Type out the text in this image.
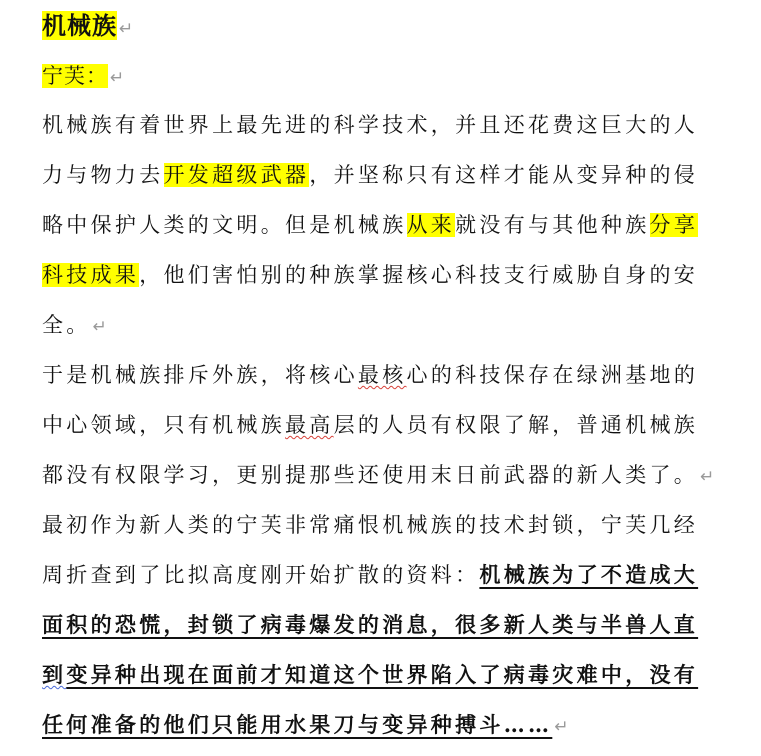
机械族 ↵
宁芙： ↵
机械族有着世界上最先进的科学技术，并且还花费这巨大的人
力与物力去开发超级武器，并坚称只有这样才能从变异种的侵
略中保护人类的文明。但是机械族从来就没有与其他种族分享
科技成果，他们害怕别的种族掌握核心科技支行威胁自身的安
全。 ↵
于是机械族排斥外族，将核心最核心的科技保存在绿洲基地的
中心领域，只有机械族最高层的人员有权限了解，普通机械族
都没有权限学习，更别提那些还使用末日前武器的新人类了。 ↵
最初作为新人类的宁芙非常痛恨机械族的技术封锁，宁芙几经
周折查到了比拟高度刚开始扩散的资料：机械族为了不造成大
面积的恐慌，封锁了病毒爆发的消息，很多新人类与半兽人直
到变异种出现在面前才知道这个世界陷入了病毒灾难中，没有
任何准备的他们只能用水果刀与变异种搏斗…… ↵
